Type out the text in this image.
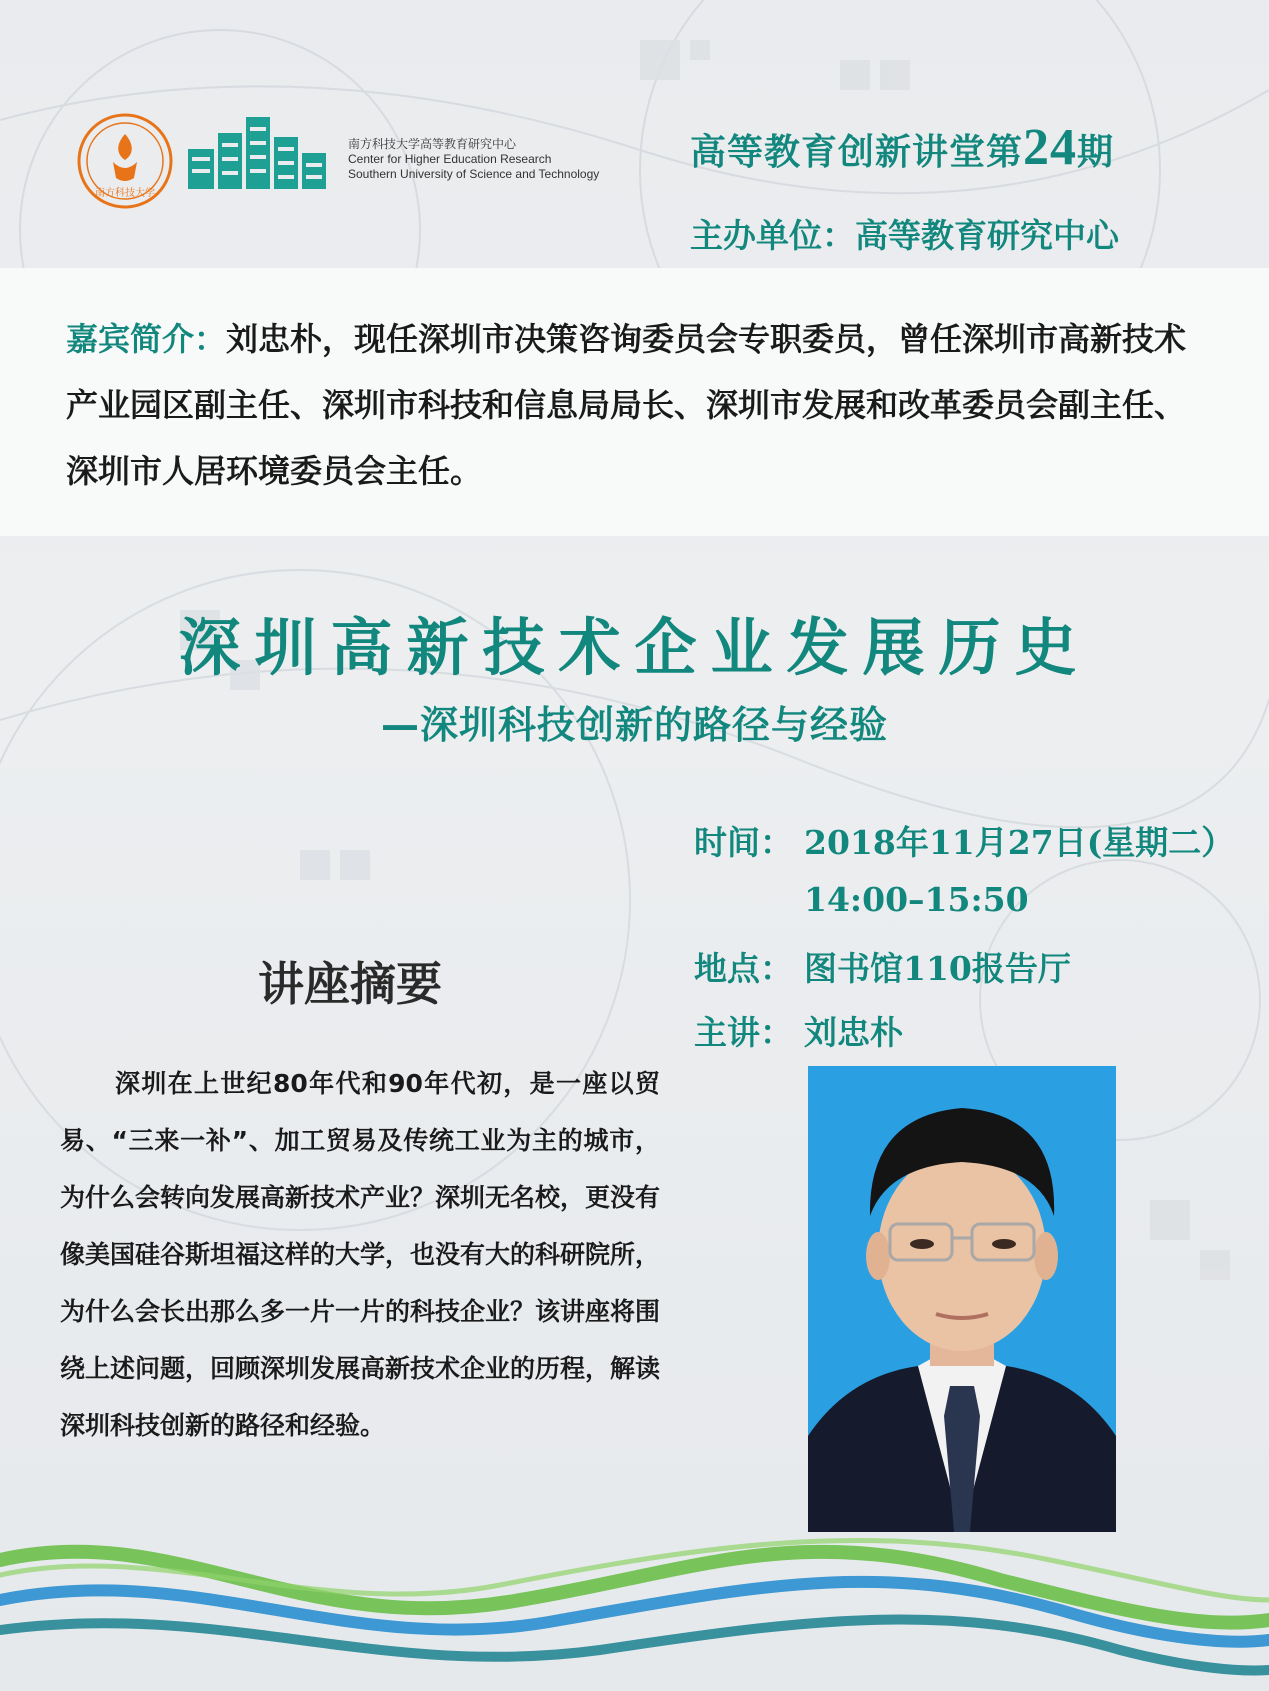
南方科技大学	CHER
南方科技大学高等教育研究中心
Center for Higher Education Research
Southern University of Science and Technology
高等教育创新讲堂第24期
主办单位：高等教育研究中心
嘉宾简介：刘忠朴，现任深圳市决策咨询委员会专职委员，曾任深圳市高新技术产业园区副主任、深圳市科技和信息局局长、深圳市发展和改革委员会副主任、深圳市人居环境委员会主任。
深圳高新技术企业发展历史
—深圳科技创新的路径与经验
时间： 2018年11月27日(星期二）
14:00–15:50
地点： 图书馆110报告厅
主讲： 刘忠朴
讲座摘要
深圳在上世纪80年代和90年代初，是一座以贸易、“三来一补”、加工贸易及传统工业为主的城市，为什么会转向发展高新技术产业？深圳无名校，更没有像美国硅谷斯坦福这样的大学，也没有大的科研院所，为什么会长出那么多一片一片的科技企业？该讲座将围绕上述问题，回顾深圳发展高新技术企业的历程，解读深圳科技创新的路径和经验。
